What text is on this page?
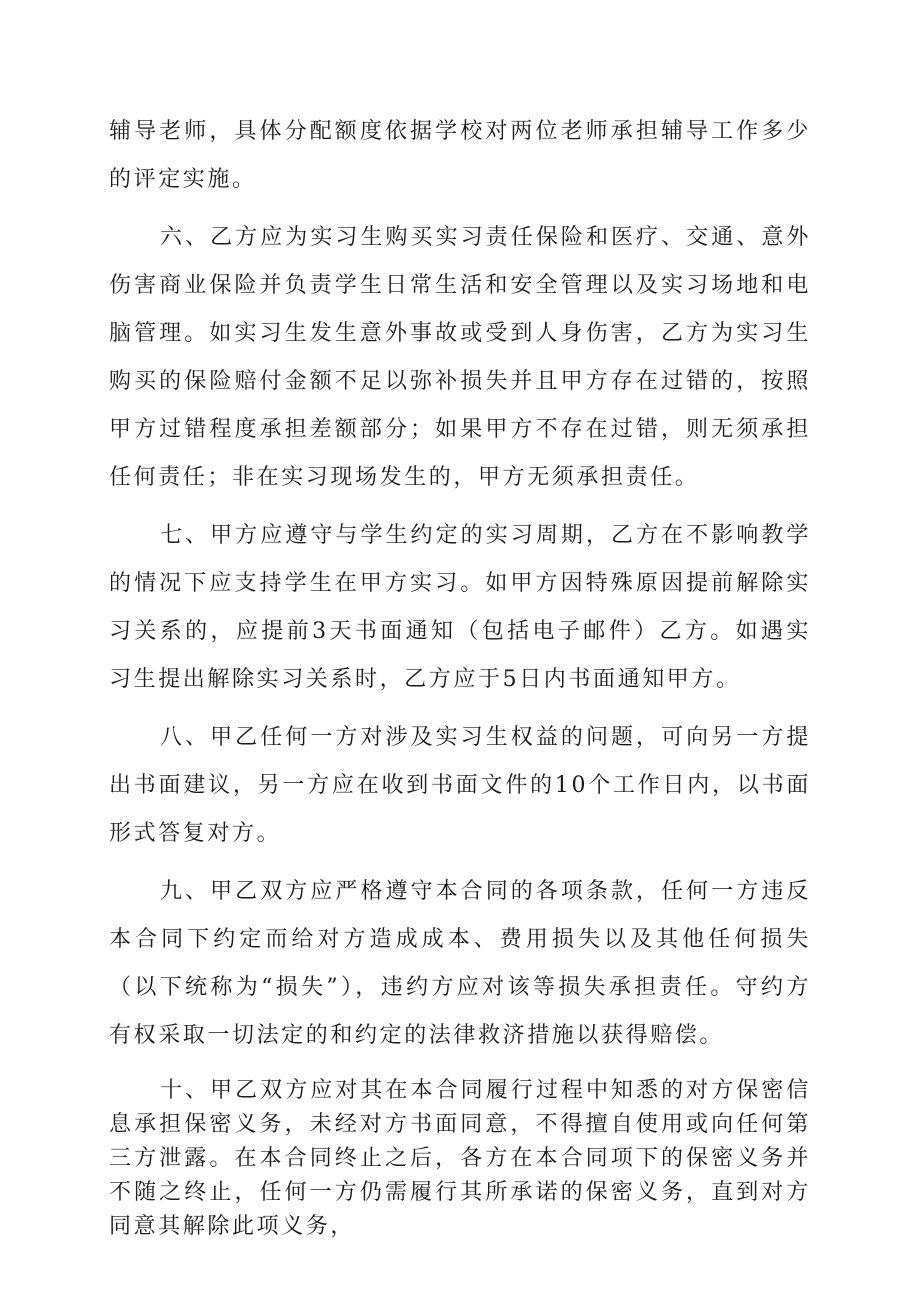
辅导老师，具体分配额度依据学校对两位老师承担辅导工作多少的评定实施。

六、乙方应为实习生购买实习责任保险和医疗、交通、意外伤害商业保险并负责学生日常生活和安全管理以及实习场地和电脑管理。如实习生发生意外事故或受到人身伤害，乙方为实习生购买的保险赔付金额不足以弥补损失并且甲方存在过错的，按照甲方过错程度承担差额部分；如果甲方不存在过错，则无须承担任何责任；非在实习现场发生的，甲方无须承担责任。

七、甲方应遵守与学生约定的实习周期，乙方在不影响教学的情况下应支持学生在甲方实习。如甲方因特殊原因提前解除实习关系的，应提前3天书面通知（包括电子邮件）乙方。如遇实习生提出解除实习关系时，乙方应于5日内书面通知甲方。

八、甲乙任何一方对涉及实习生权益的问题，可向另一方提出书面建议，另一方应在收到书面文件的10个工作日内，以书面形式答复对方。

九、甲乙双方应严格遵守本合同的各项条款，任何一方违反本合同下约定而给对方造成成本、费用损失以及其他任何损失（以下统称为“损失”），违约方应对该等损失承担责任。守约方有权采取一切法定的和约定的法律救济措施以获得赔偿。

十、甲乙双方应对其在本合同履行过程中知悉的对方保密信息承担保密义务，未经对方书面同意，不得擅自使用或向任何第三方泄露。在本合同终止之后，各方在本合同项下的保密义务并不随之终止，任何一方仍需履行其所承诺的保密义务，直到对方同意其解除此项义务，
